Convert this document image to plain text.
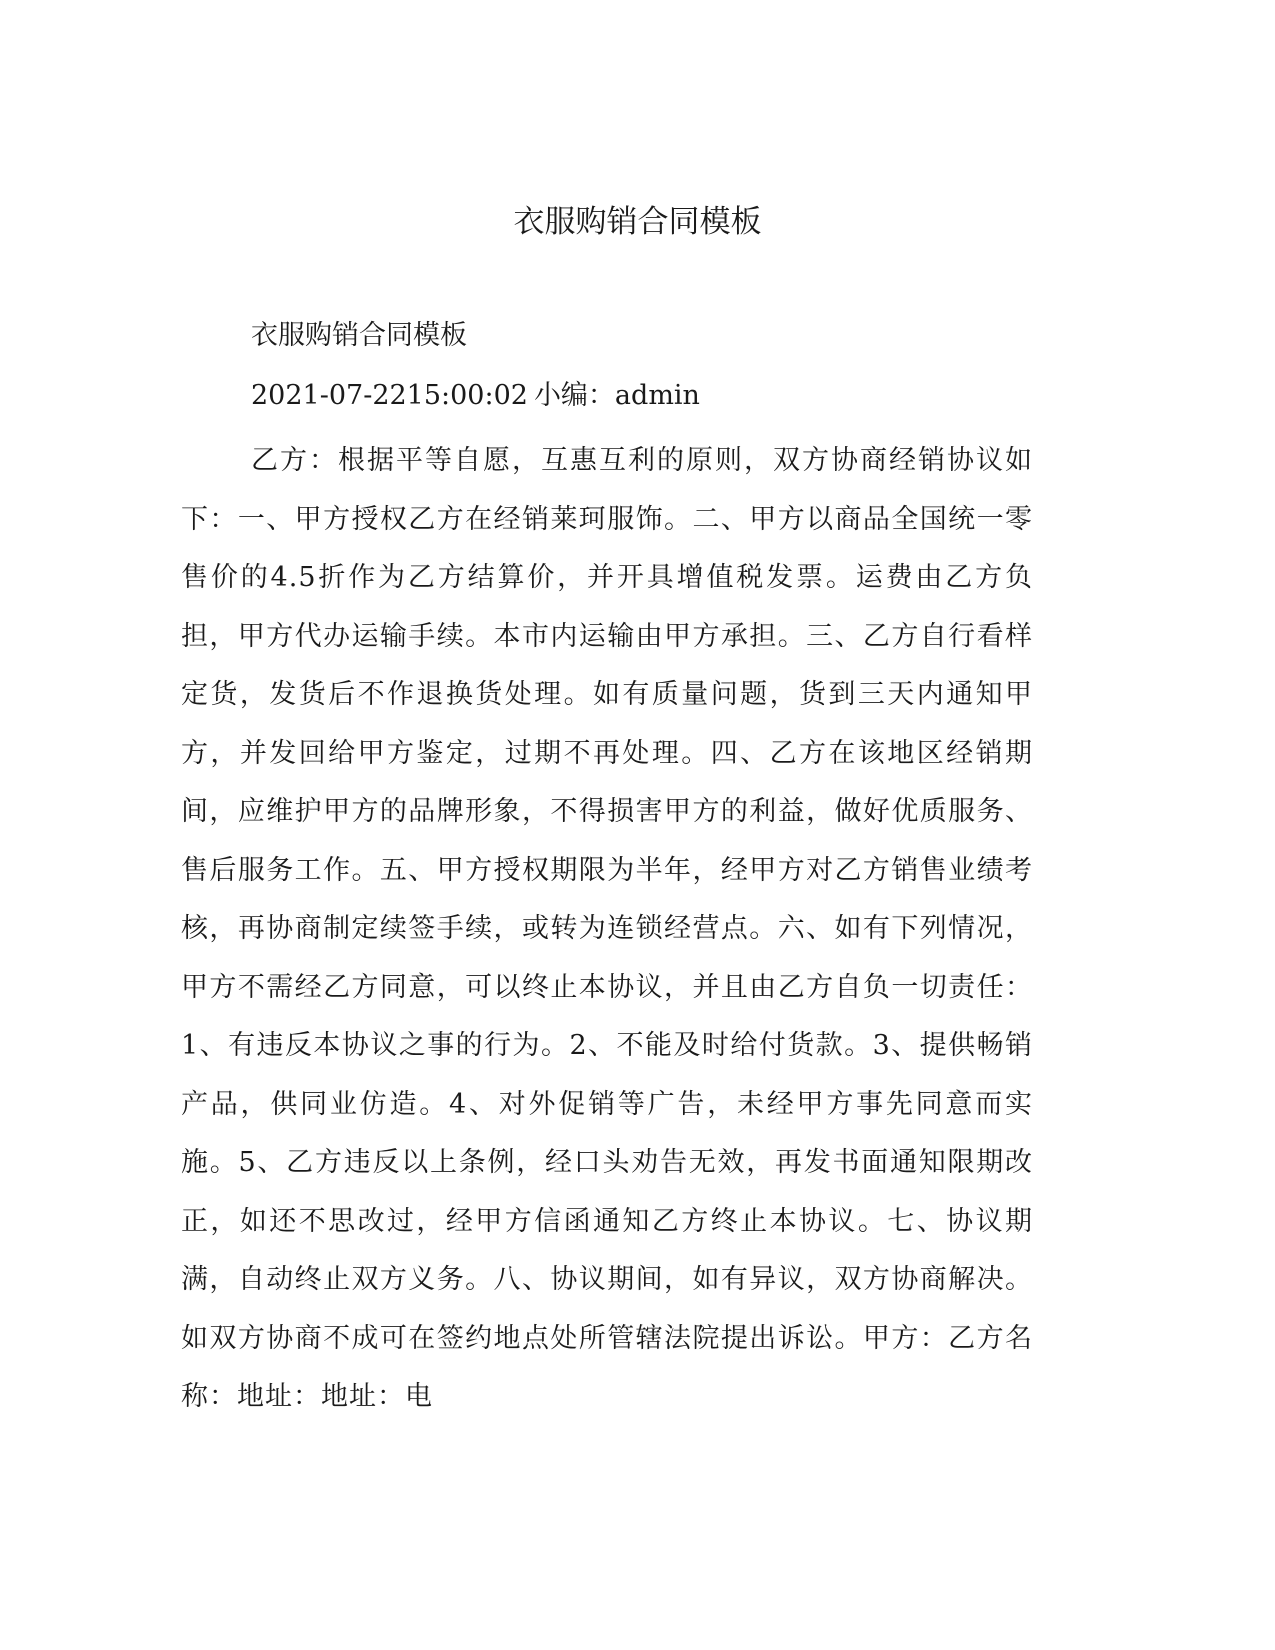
衣服购销合同模板

衣服购销合同模板

2021-07-2215:00:02 小编：admin

乙方：根据平等自愿，互惠互利的原则，双方协商经销协议如下：一、甲方授权乙方在经销莱珂服饰。二、甲方以商品全国统一零售价的4.5折作为乙方结算价，并开具增值税发票。运费由乙方负担，甲方代办运输手续。本市内运输由甲方承担。三、乙方自行看样定货，发货后不作退换货处理。如有质量问题，货到三天内通知甲方，并发回给甲方鉴定，过期不再处理。四、乙方在该地区经销期间，应维护甲方的品牌形象，不得损害甲方的利益，做好优质服务、售后服务工作。五、甲方授权期限为半年，经甲方对乙方销售业绩考核，再协商制定续签手续，或转为连锁经营点。六、如有下列情况，甲方不需经乙方同意，可以终止本协议，并且由乙方自负一切责任：1、有违反本协议之事的行为。2、不能及时给付货款。3、提供畅销产品，供同业仿造。4、对外促销等广告，未经甲方事先同意而实施。5、乙方违反以上条例，经口头劝告无效，再发书面通知限期改正，如还不思改过，经甲方信函通知乙方终止本协议。七、协议期满，自动终止双方义务。八、协议期间，如有异议，双方协商解决。如双方协商不成可在签约地点处所管辖法院提出诉讼。甲方：乙方名称：地址：地址：电
